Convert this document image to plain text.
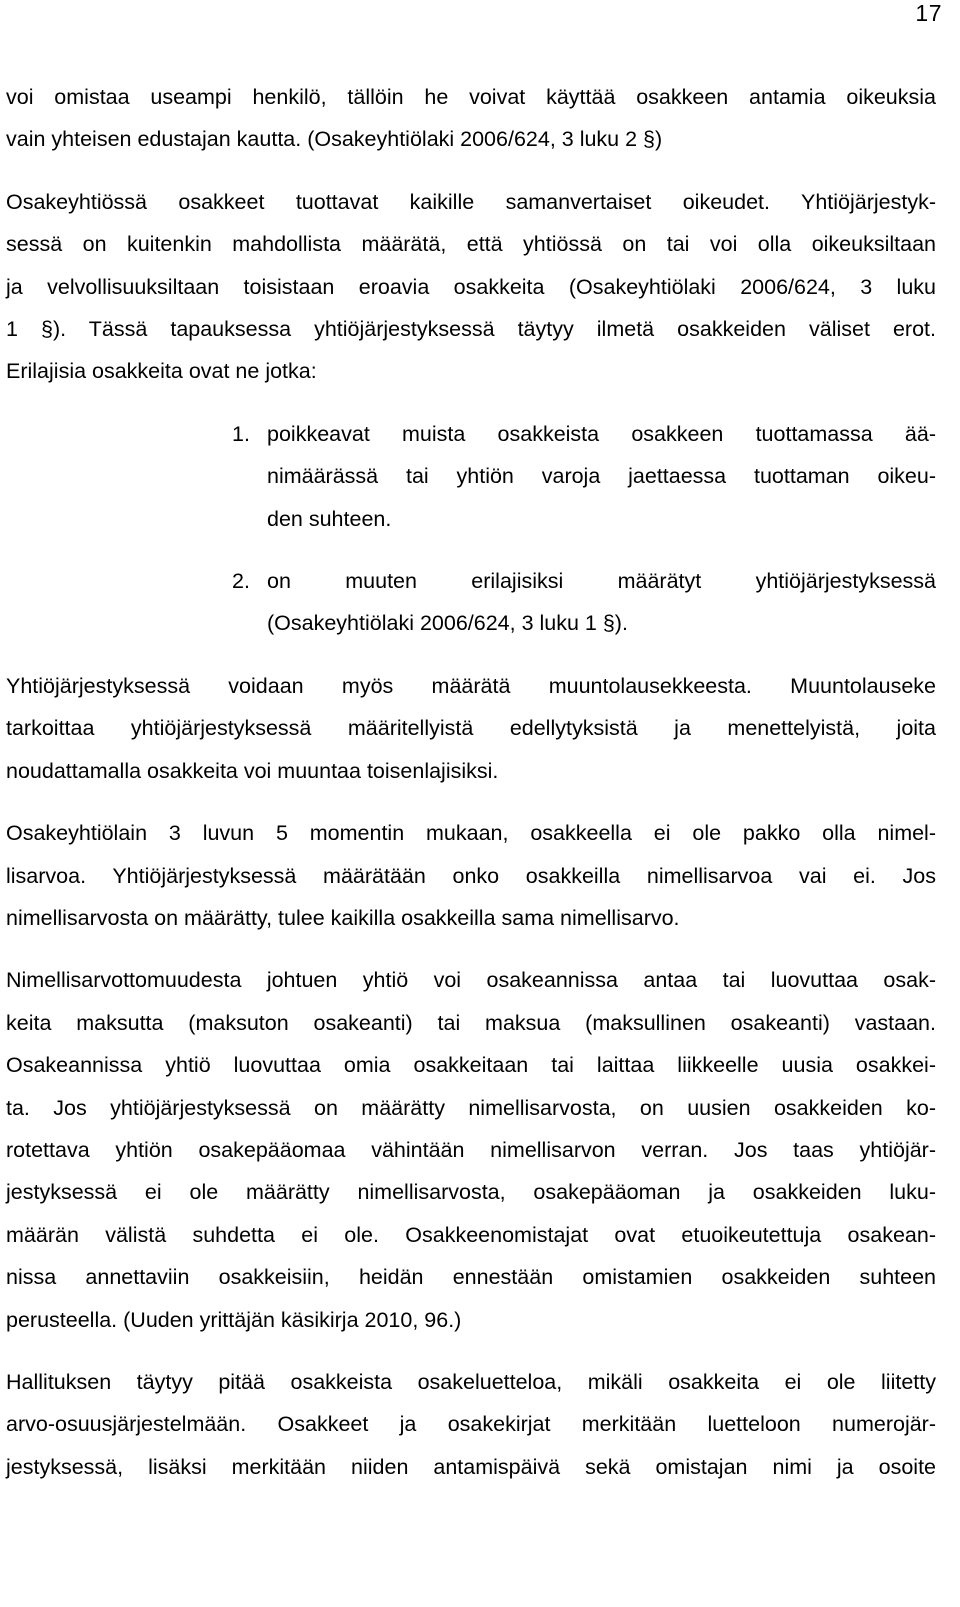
17

voi omistaa useampi henkilö, tällöin he voivat käyttää osakkeen antamia oikeuksia
vain yhteisen edustajan kautta. (Osakeyhtiölaki 2006/624, 3 luku 2 §)

Osakeyhtiössä osakkeet tuottavat kaikille samanvertaiset oikeudet. Yhtiöjärjestyk-
sessä on kuitenkin mahdollista määrätä, että yhtiössä on tai voi olla oikeuksiltaan
ja velvollisuuksiltaan toisistaan eroavia osakkeita (Osakeyhtiölaki 2006/624, 3 luku
1 §). Tässä tapauksessa yhtiöjärjestyksessä täytyy ilmetä osakkeiden väliset erot.
Erilajisia osakkeita ovat ne jotka:

1. poikkeavat muista osakkeista osakkeen tuottamassa ää-
nimäärässä tai yhtiön varoja jaettaessa tuottaman oikeu-
den suhteen.
2. on muuten erilajisiksi määrätyt yhtiöjärjestyksessä
(Osakeyhtiölaki 2006/624, 3 luku 1 §).

Yhtiöjärjestyksessä voidaan myös määrätä muuntolausekkeesta. Muuntolauseke
tarkoittaa yhtiöjärjestyksessä määritellyistä edellytyksistä ja menettelyistä, joita
noudattamalla osakkeita voi muuntaa toisenlajisiksi.

Osakeyhtiölain 3 luvun 5 momentin mukaan, osakkeella ei ole pakko olla nimel-
lisarvoa. Yhtiöjärjestyksessä määrätään onko osakkeilla nimellisarvoa vai ei. Jos
nimellisarvosta on määrätty, tulee kaikilla osakkeilla sama nimellisarvo.

Nimellisarvottomuudesta johtuen yhtiö voi osakeannissa antaa tai luovuttaa osak-
keita maksutta (maksuton osakeanti) tai maksua (maksullinen osakeanti) vastaan.
Osakeannissa yhtiö luovuttaa omia osakkeitaan tai laittaa liikkeelle uusia osakkei-
ta. Jos yhtiöjärjestyksessä on määrätty nimellisarvosta, on uusien osakkeiden ko-
rotettava yhtiön osakepääomaa vähintään nimellisarvon verran. Jos taas yhtiöjär-
jestyksessä ei ole määrätty nimellisarvosta, osakepääoman ja osakkeiden luku-
määrän välistä suhdetta ei ole. Osakkeenomistajat ovat etuoikeutettuja osakean-
nissa annettaviin osakkeisiin, heidän ennestään omistamien osakkeiden suhteen
perusteella. (Uuden yrittäjän käsikirja 2010, 96.)

Hallituksen täytyy pitää osakkeista osakeluetteloa, mikäli osakkeita ei ole liitetty
arvo-osuusjärjestelmään. Osakkeet ja osakekirjat merkitään luetteloon numerojär-
jestyksessä, lisäksi merkitään niiden antamispäivä sekä omistajan nimi ja osoite
